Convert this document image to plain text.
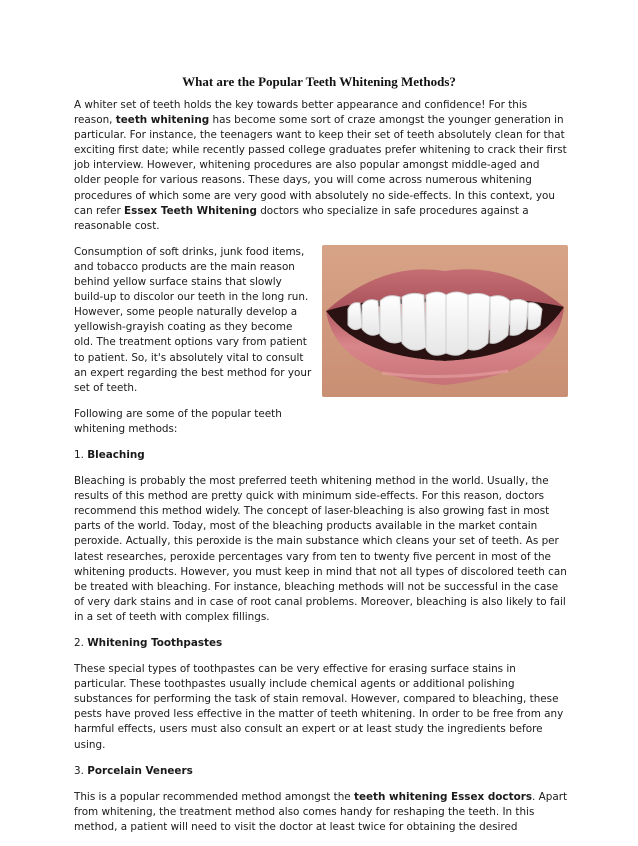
What are the Popular Teeth Whitening Methods?

A whiter set of teeth holds the key towards better appearance and confidence! For this reason, teeth whitening has become some sort of craze amongst the younger generation in particular. For instance, the teenagers want to keep their set of teeth absolutely clean for that exciting first date; while recently passed college graduates prefer whitening to crack their first job interview. However, whitening procedures are also popular amongst middle-aged and older people for various reasons. These days, you will come across numerous whitening procedures of which some are very good with absolutely no side-effects. In this context, you can refer Essex Teeth Whitening doctors who specialize in safe procedures against a reasonable cost.

Consumption of soft drinks, junk food items, and tobacco products are the main reason behind yellow surface stains that slowly build-up to discolor our teeth in the long run. However, some people naturally develop a yellowish-grayish coating as they become old. The treatment options vary from patient to patient. So, it's absolutely vital to consult an expert regarding the best method for your set of teeth.

Following are some of the popular teeth whitening methods:

1. Bleaching

Bleaching is probably the most preferred teeth whitening method in the world. Usually, the results of this method are pretty quick with minimum side-effects. For this reason, doctors recommend this method widely. The concept of laser-bleaching is also growing fast in most parts of the world. Today, most of the bleaching products available in the market contain peroxide. Actually, this peroxide is the main substance which cleans your set of teeth. As per latest researches, peroxide percentages vary from ten to twenty five percent in most of the whitening products. However, you must keep in mind that not all types of discolored teeth can be treated with bleaching. For instance, bleaching methods will not be successful in the case of very dark stains and in case of root canal problems. Moreover, bleaching is also likely to fail in a set of teeth with complex fillings.

2. Whitening Toothpastes

These special types of toothpastes can be very effective for erasing surface stains in particular. These toothpastes usually include chemical agents or additional polishing substances for performing the task of stain removal. However, compared to bleaching, these pests have proved less effective in the matter of teeth whitening. In order to be free from any harmful effects, users must also consult an expert or at least study the ingredients before using.

3. Porcelain Veneers

This is a popular recommended method amongst the teeth whitening Essex doctors. Apart from whitening, the treatment method also comes handy for reshaping the teeth. In this method, a patient will need to visit the doctor at least twice for obtaining the desired
